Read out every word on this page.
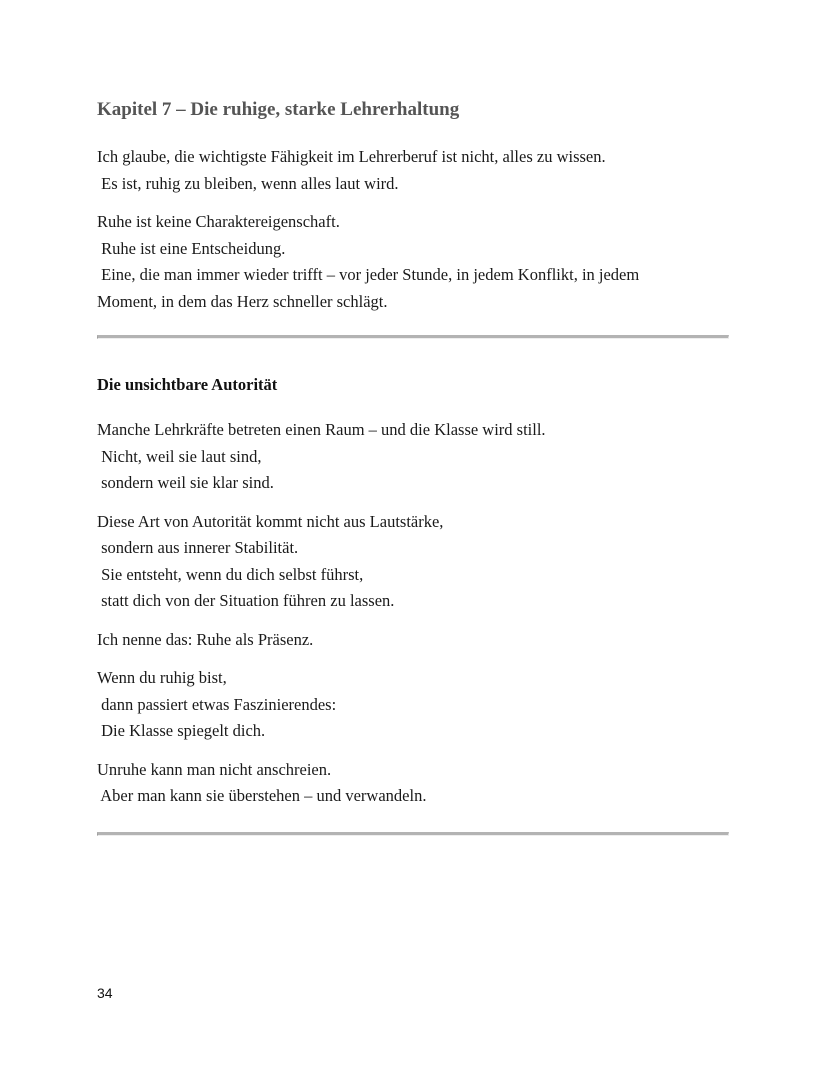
Kapitel 7 – Die ruhige, starke Lehrerhaltung

Ich glaube, die wichtigste Fähigkeit im Lehrerberuf ist nicht, alles zu wissen.
Es ist, ruhig zu bleiben, wenn alles laut wird.

Ruhe ist keine Charaktereigenschaft.
Ruhe ist eine Entscheidung.
Eine, die man immer wieder trifft – vor jeder Stunde, in jedem Konflikt, in jedem
Moment, in dem das Herz schneller schlägt.

Die unsichtbare Autorität

Manche Lehrkräfte betreten einen Raum – und die Klasse wird still.
Nicht, weil sie laut sind,
sondern weil sie klar sind.

Diese Art von Autorität kommt nicht aus Lautstärke,
sondern aus innerer Stabilität.
Sie entsteht, wenn du dich selbst führst,
statt dich von der Situation führen zu lassen.

Ich nenne das: Ruhe als Präsenz.

Wenn du ruhig bist,
dann passiert etwas Faszinierendes:
Die Klasse spiegelt dich.

Unruhe kann man nicht anschreien.
Aber man kann sie überstehen – und verwandeln.

34
